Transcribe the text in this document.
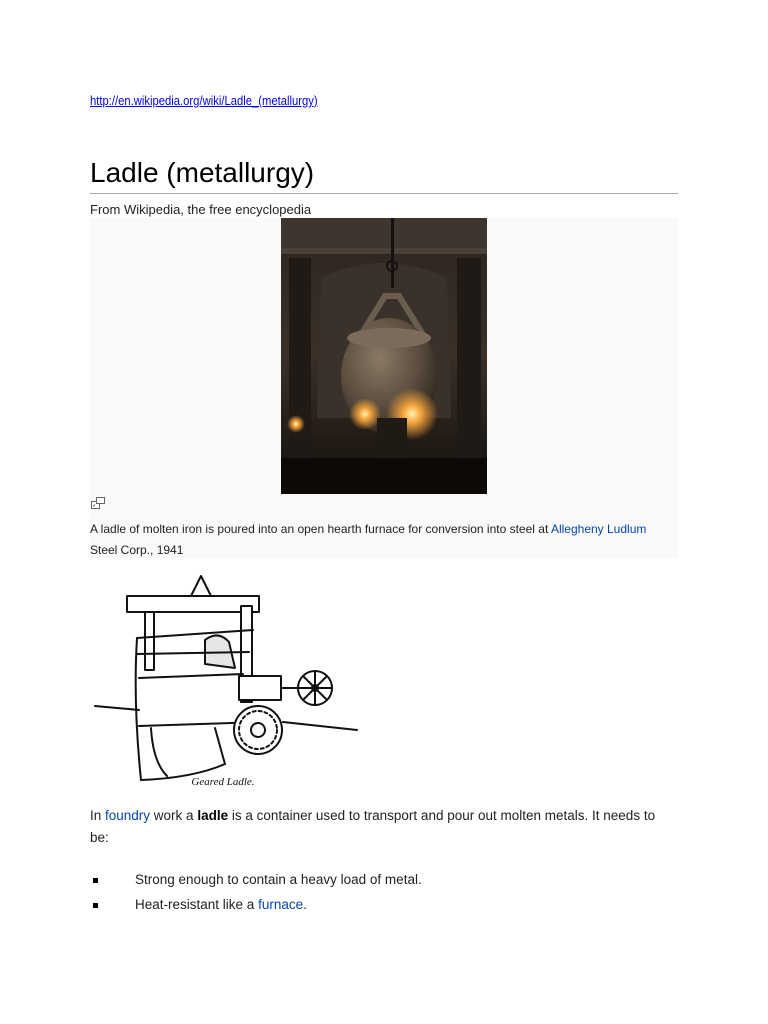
http://en.wikipedia.org/wiki/Ladle_(metallurgy)
Ladle (metallurgy)
From Wikipedia, the free encyclopedia
A ladle of molten iron is poured into an open hearth furnace for conversion into steel at Allegheny Ludlum Steel Corp., 1941
Geared Ladle.
In foundry work a ladle is a container used to transport and pour out molten metals. It needs to be:
Strong enough to contain a heavy load of metal.
Heat-resistant like a furnace.
